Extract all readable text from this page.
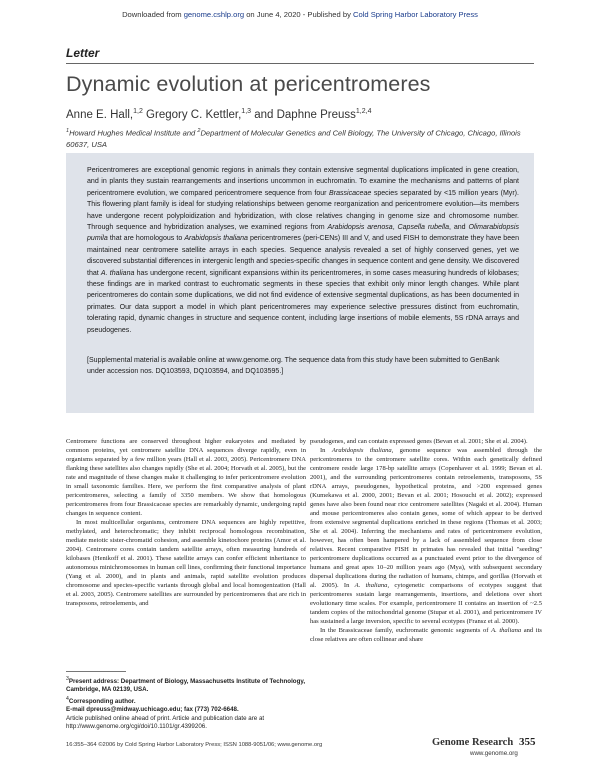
Downloaded from genome.cshlp.org on June 4, 2020 - Published by Cold Spring Harbor Laboratory Press
Letter
Dynamic evolution at pericentromeres
Anne E. Hall,$^{1,2}$ Gregory C. Kettler,$^{1,3}$ and Daphne Preuss$^{1,2,4}$
$^1$Howard Hughes Medical Institute and $^2$Department of Molecular Genetics and Cell Biology, The University of Chicago, Chicago, Illinois 60637, USA
Pericentromeres are exceptional genomic regions in animals they contain extensive segmental duplications implicated in gene creation, and in plants they sustain rearrangements and insertions uncommon in euchromatin. To examine the mechanisms and patterns of plant pericentromere evolution, we compared pericentromere sequence from four Brassicaceae species separated by <15 million years (Myr). This flowering plant family is ideal for studying relationships between genome reorganization and pericentromere evolution—its members have undergone recent polyploidization and hybridization, with close relatives changing in genome size and chromosome number. Through sequence and hybridization analyses, we examined regions from Arabidopsis arenosa, Capsella rubella, and Olimarabidopsis pumila that are homologous to Arabidopsis thaliana pericentromeres (peri-CENs) III and V, and used FISH to demonstrate they have been maintained near centromere satellite arrays in each species. Sequence analysis revealed a set of highly conserved genes, yet we discovered substantial differences in intergenic length and species-specific changes in sequence content and gene density. We discovered that A. thaliana has undergone recent, significant expansions within its pericentromeres, in some cases measuring hundreds of kilobases; these findings are in marked contrast to euchromatic segments in these species that exhibit only minor length changes. While plant pericentromeres do contain some duplications, we did not find evidence of extensive segmental duplications, as has been documented in primates. Our data support a model in which plant pericentromeres may experience selective pressures distinct from euchromatin, tolerating rapid, dynamic changes in structure and sequence content, including large insertions of mobile elements, 5S rDNA arrays and pseudogenes.
[Supplemental material is available online at www.genome.org. The sequence data from this study have been submitted to GenBank under accession nos. DQ103593, DQ103594, and DQ103595.]

Centromere functions are conserved throughout higher eukaryotes and mediated by common proteins, yet centromere satellite DNA sequences diverge rapidly, even in organisms separated by a few million years (Hall et al. 2003, 2005). Pericentromere DNA flanking these satellites also changes rapidly (She et al. 2004; Horvath et al. 2005), but the rate and magnitude of these changes make it challenging to infer pericentromere evolution in small taxonomic families. Here, we perform the first comparative analysis of plant pericentromeres, selecting a family of 3350 members. We show that homologous pericentromeres from four Brassicaceae species are remarkably dynamic, undergoing rapid changes in sequence content.

In most multicellular organisms, centromere DNA sequences are highly repetitive, methylated, and heterochromatic; they inhibit reciprocal homologous recombination, mediate meiotic sister-chromatid cohesion, and assemble kinetochore proteins (Amor et al. 2004). Centromere cores contain tandem satellite arrays, often measuring hundreds of kilobases (Henikoff et al. 2001). These satellite arrays can confer efficient inheritance to autonomous minichromosomes in human cell lines, confirming their functional importance (Yang et al. 2000), and in plants and animals, rapid satellite evolution produces chromosome and species-specific variants through global and local homogenization (Hall et al. 2003, 2005). Centromere satellites are surrounded by pericentromeres that are rich in transposons, retroelements, and

pseudogenes, and can contain expressed genes (Bevan et al. 2001; She et al. 2004).

In Arabidopsis thaliana, genome sequence was assembled through the pericentromeres to the centromere satellite cores. Within each genetically defined centromere reside large 178-bp satellite arrays (Copenhaver et al. 1999; Bevan et al. 2001), and the surrounding pericentromeres contain retroelements, transposons, 5S rDNA arrays, pseudogenes, hypothetical proteins, and >200 expressed genes (Kumekawa et al. 2000, 2001; Bevan et al. 2001; Hosouchi et al. 2002); expressed genes have also been found near rice centromere satellites (Nagaki et al. 2004). Human and mouse pericentromeres also contain genes, some of which appear to be derived from extensive segmental duplications enriched in these regions (Thomas et al. 2003; She et al. 2004). Inferring the mechanisms and rates of pericentromere evolution, however, has often been hampered by a lack of assembled sequence from close relatives. Recent comparative FISH in primates has revealed that initial "seeding" pericentromere duplications occurred as a punctuated event prior to the divergence of humans and great apes 10–20 million years ago (Mya), with subsequent secondary dispersal duplications during the radiation of humans, chimps, and gorillas (Horvath et al. 2005). In A. thaliana, cytogenetic comparisons of ecotypes suggest that pericentromeres sustain large rearrangements, insertions, and deletions over short evolutionary time scales. For example, pericentromere II contains an insertion of ~2.5 tandem copies of the mitochondrial genome (Stupar et al. 2001), and pericentromere IV has sustained a large inversion, specific to several ecotypes (Fransz et al. 2000).

In the Brassicaceae family, euchromatic genomic segments of A. thaliana and its close relatives are often collinear and share

$^3$Present address: Department of Biology, Massachusetts Institute of Technology, Cambridge, MA 02139, USA.
$^4$Corresponding author.
E-mail dpreuss@midway.uchicago.edu; fax (773) 702-6648.
Article published online ahead of print. Article and publication date are at http://www.genome.org/cgi/doi/10.1101/gr.4399206.
16:355–364 ©2006 by Cold Spring Harbor Laboratory Press; ISSN 1088-9051/06; www.genome.org	Genome Research 355
www.genome.org
